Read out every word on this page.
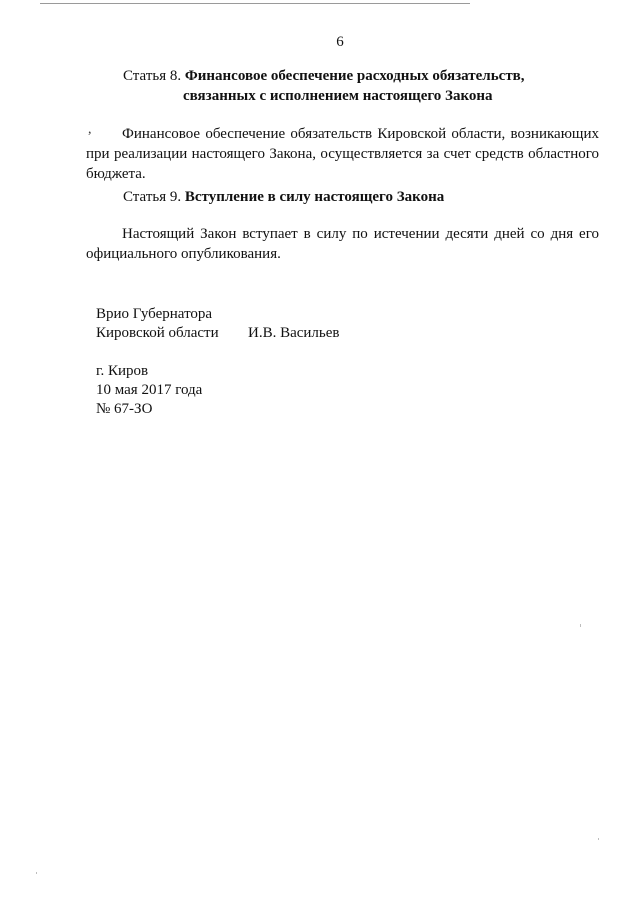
6
Статья 8. Финансовое обеспечение расходных обязательств,
связанных с исполнением настоящего Закона
,	Финансовое обеспечение обязательств Кировской области, возникающих при реализации настоящего Закона, осуществляется за счет средств областного бюджета.
Статья 9. Вступление в силу настоящего Закона
Настоящий Закон вступает в силу по истечении десяти дней со дня его официального опубликования.
Врио Губернатора
Кировской области И.В. Васильев
г. Киров
10 мая 2017 года
№ 67-ЗО
